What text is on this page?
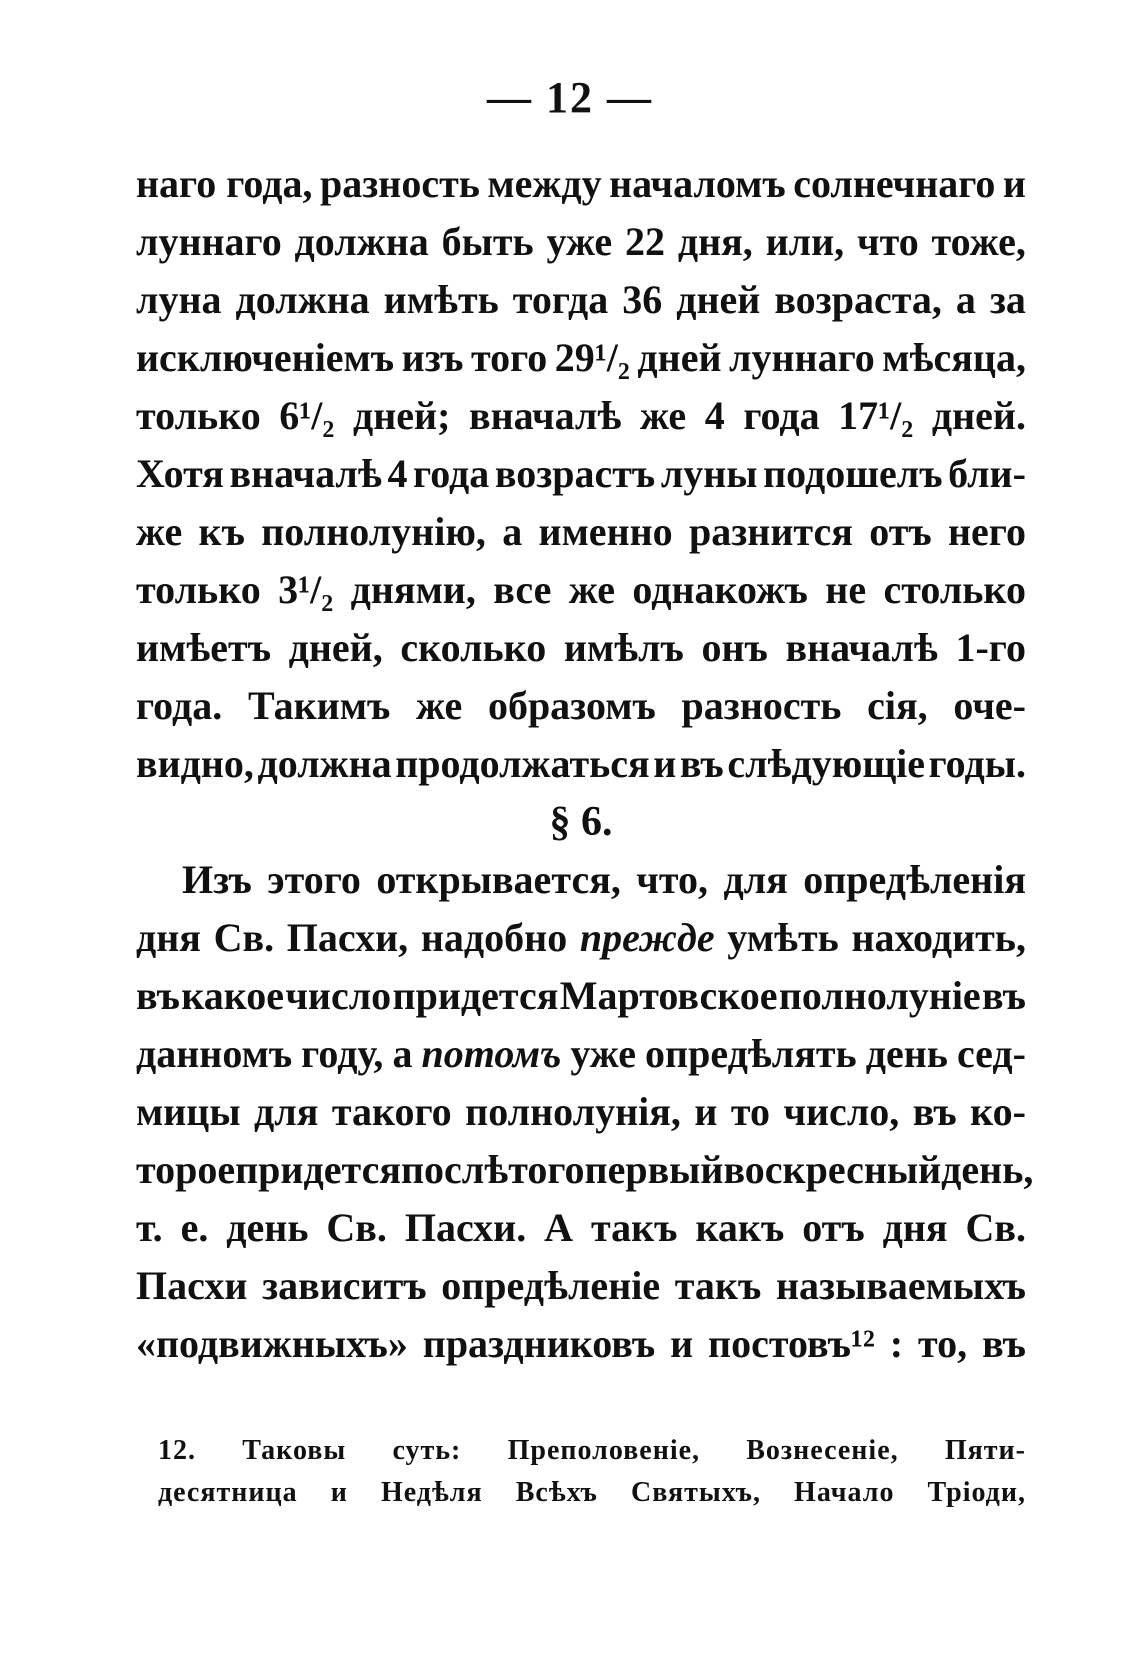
— 12 —
наго года, разность между началомъ солнечнаго и
луннаго должна быть уже 22 дня, или, что тоже,
луна должна имѣть тогда 36 дней возраста, а за
исключеніемъ изъ того 29¹/₂ дней луннаго мѣсяца,
только 6¹/₂ дней; вначалѣ же 4 года 17¹/₂ дней.
Хотя вначалѣ 4 года возрастъ луны подошелъ бли-
же къ полнолунію, а именно разнится отъ него
только 3¹/₂ днями, все же однакожъ не столько
имѣетъ дней, сколько имѣлъ онъ вначалѣ 1-го
года. Такимъ же образомъ разность сія, оче-
видно, должна продолжаться и въ слѣдующіе годы.
§ 6.
Изъ этого открывается, что, для опредѣленія
дня Св. Пасхи, надобно прежде умѣть находить,
въ какое число придется Мартовское полнолуніе въ
данномъ году, а потомъ уже опредѣлять день сед-
мицы для такого полнолунія, и то число, въ ко-
торое придется послѣ того первый воскресный день,
т. е. день Св. Пасхи. А такъ какъ отъ дня Св.
Пасхи зависитъ опредѣленіе такъ называемыхъ
«подвижныхъ» праздниковъ и постовъ¹² : то, въ
12. Таковы суть: Преполовеніе, Вознесеніе, Пяти-
десятница и Недѣля Всѣхъ Святыхъ, Начало Тріоди,
